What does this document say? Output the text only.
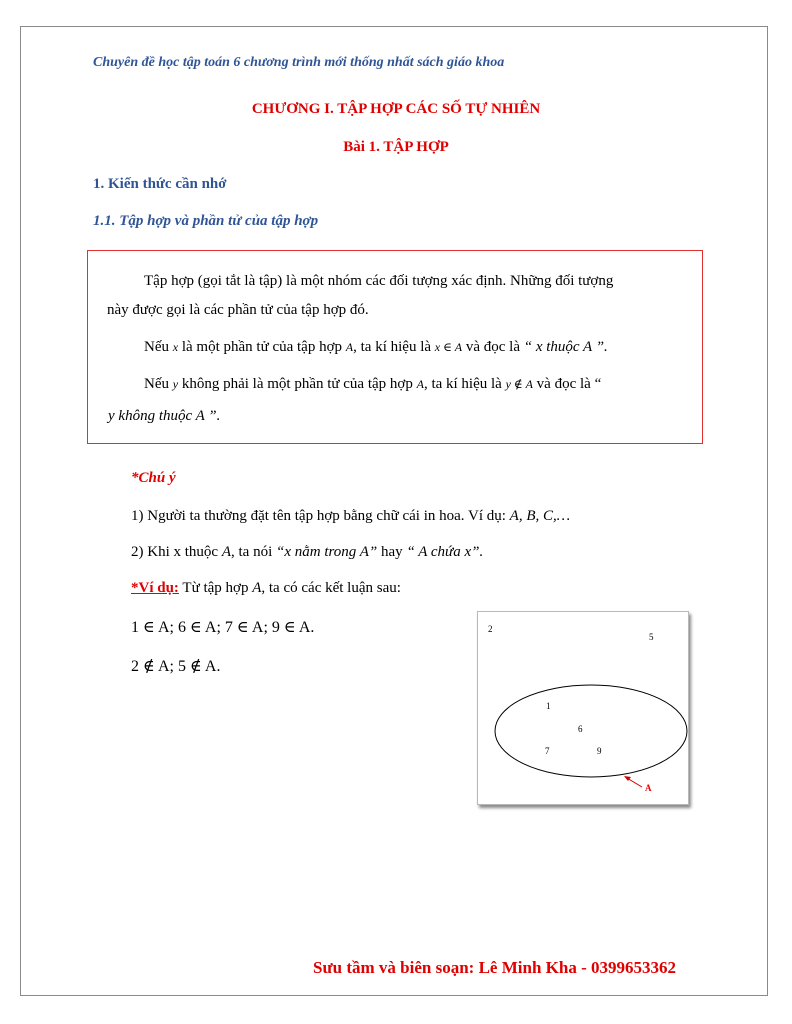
Chuyên đề học tập toán 6 chương trình mới thống nhất sách giáo khoa
CHƯƠNG I. TẬP HỢP CÁC SỐ TỰ NHIÊN
Bài 1. TẬP HỢP
1. Kiến thức cần nhớ
1.1. Tập hợp và phần tử của tập hợp
Tập hợp (gọi tắt là tập) là một nhóm các đối tượng xác định. Những đối tượng
này được gọi là các phần tử của tập hợp đó.
Nếu x là một phần tử của tập hợp A, ta kí hiệu là x ∈ A và đọc là “ x thuộc A ”.
Nếu y không phải là một phần tử của tập hợp A, ta kí hiệu là y ∉ A và đọc là “
y không thuộc A ”.
*Chú ý
1) Người ta thường đặt tên tập hợp bằng chữ cái in hoa. Ví dụ: A, B, C,…
2) Khi x thuộc A, ta nói “x nằm trong A” hay “ A chứa x”.
*Ví dụ: Từ tập hợp A, ta có các kết luận sau:
1 ∈ A; 6 ∈ A; 7 ∈ A; 9 ∈ A.
2 ∉ A; 5 ∉ A.
2
5
1
6
7	9
A
Sưu tầm và biên soạn: Lê Minh Kha - 0399653362
